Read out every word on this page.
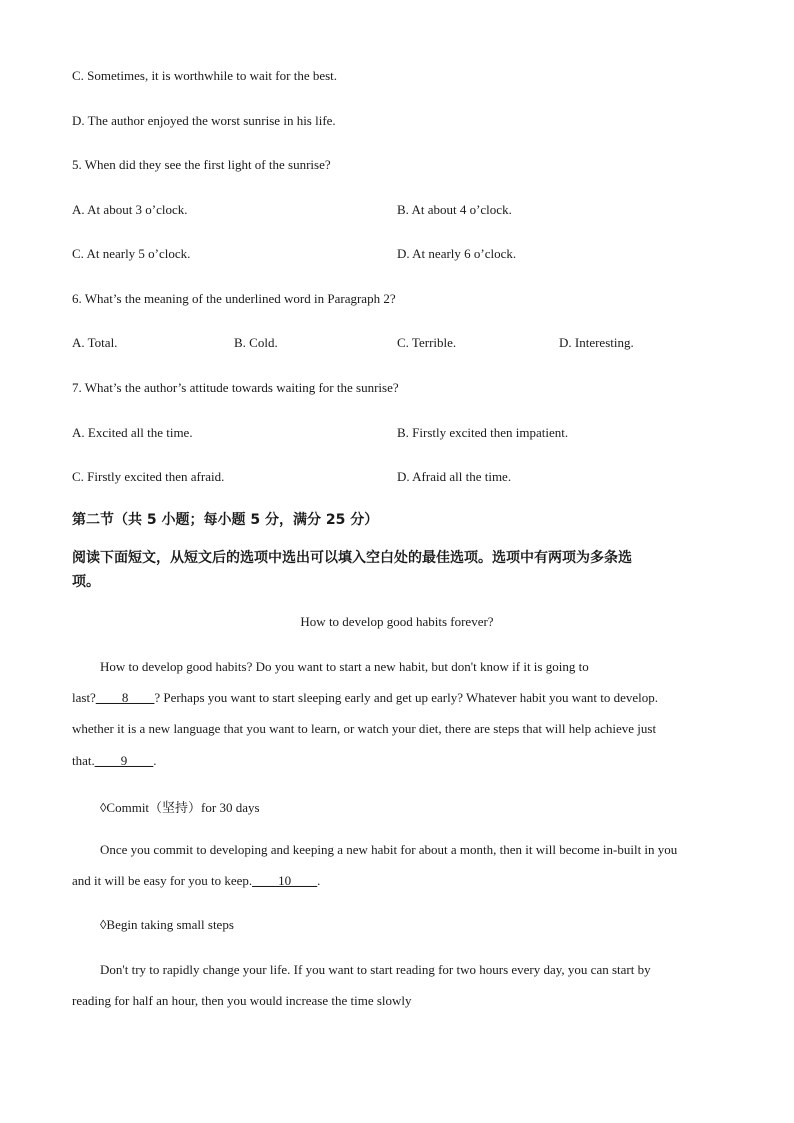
C. Sometimes, it is worthwhile to wait for the best.
D. The author enjoyed the worst sunrise in his life.
5. When did they see the first light of the sunrise?
A. At about 3 o’clock.	B. At about 4 o’clock.
C. At nearly 5 o’clock.	D. At nearly 6 o’clock.
6. What’s the meaning of the underlined word in Paragraph 2?
A. Total.	B. Cold.	C. Terrible.	D. Interesting.
7. What’s the author’s attitude towards waiting for the sunrise?
A. Excited all the time.	B. Firstly excited then impatient.
C. Firstly excited then afraid.	D. Afraid all the time.
第二节（共 5 小题；每小题 5 分，满分 25 分）
阅读下面短文，从短文后的选项中选出可以填入空白处的最佳选项。选项中有两项为多条选
项。
How to develop good habits forever?
How to develop good habits? Do you want to start a new habit, but don't know if it is going to
last?____8____? Perhaps you want to start sleeping early and get up early? Whatever habit you want to develop.
whether it is a new language that you want to learn, or watch your diet, there are steps that will help achieve just
that.____9____.
◊Commit（坚持）for 30 days
Once you commit to developing and keeping a new habit for about a month, then it will become in-built in you
and it will be easy for you to keep.____10____.
◊Begin taking small steps
Don't try to rapidly change your life. If you want to start reading for two hours every day, you can start by
reading for half an hour, then you would increase the time slowly
